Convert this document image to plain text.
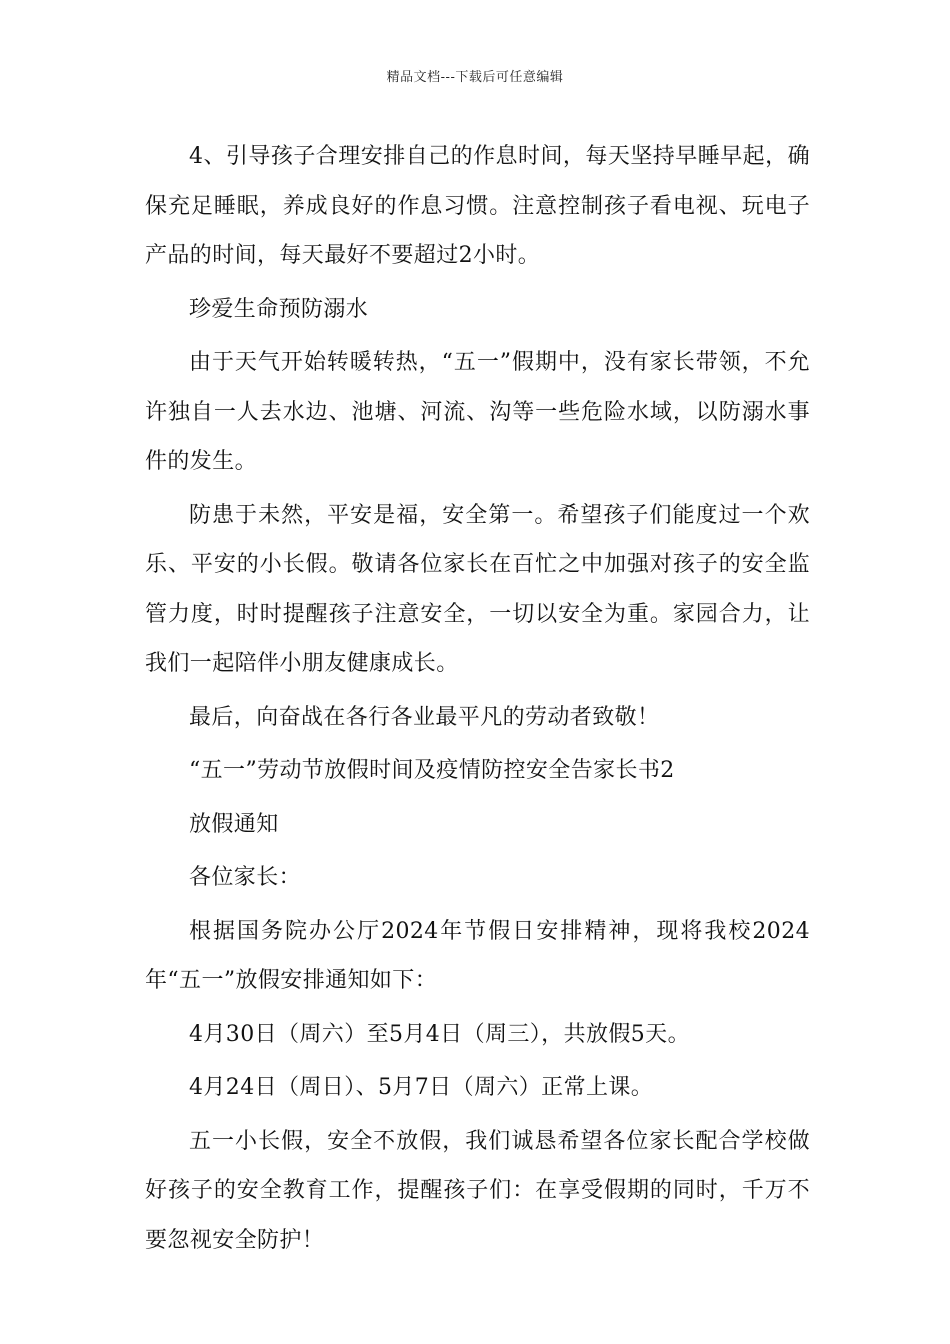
精品文档---下载后可任意编辑

4、引导孩子合理安排自己的作息时间，每天坚持早睡早起，确保充足睡眠，养成良好的作息习惯。注意控制孩子看电视、玩电子产品的时间，每天最好不要超过2小时。

珍爱生命预防溺水

由于天气开始转暖转热，“五一”假期中，没有家长带领，不允许独自一人去水边、池塘、河流、沟等一些危险水域，以防溺水事件的发生。

防患于未然，平安是福，安全第一。希望孩子们能度过一个欢乐、平安的小长假。敬请各位家长在百忙之中加强对孩子的安全监管力度，时时提醒孩子注意安全，一切以安全为重。家园合力，让我们一起陪伴小朋友健康成长。

最后，向奋战在各行各业最平凡的劳动者致敬！

“五一”劳动节放假时间及疫情防控安全告家长书2

放假通知

各位家长：

根据国务院办公厅2024年节假日安排精神，现将我校2024年“五一”放假安排通知如下：

4月30日（周六）至5月4日（周三），共放假5天。

4月24日（周日）、5月7日（周六）正常上课。

五一小长假，安全不放假，我们诚恳希望各位家长配合学校做好孩子的安全教育工作，提醒孩子们：在享受假期的同时，千万不要忽视安全防护！
